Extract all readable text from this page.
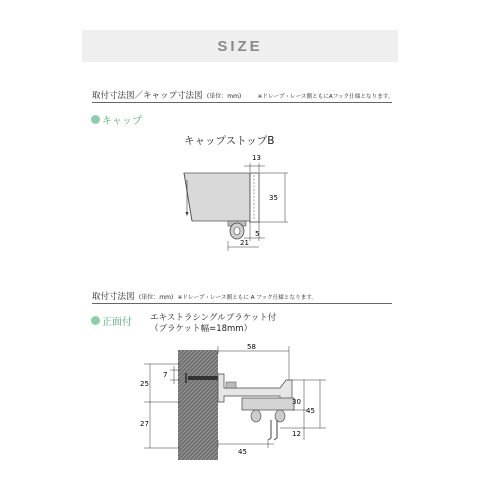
SIZE
取付寸法図／キャップ寸法図 (単位：mm)	※ドレープ・レース側ともにAフック仕様となります。
キャップ
キャップストップB
13
35
5
21
取付寸法図 (単位：mm) ※ドレープ・レース側ともに A フック仕様となります。
正面付 エキストラシングルブラケット付
（ブラケット幅=18mm）
58
25
27
7
30
45
12
45
